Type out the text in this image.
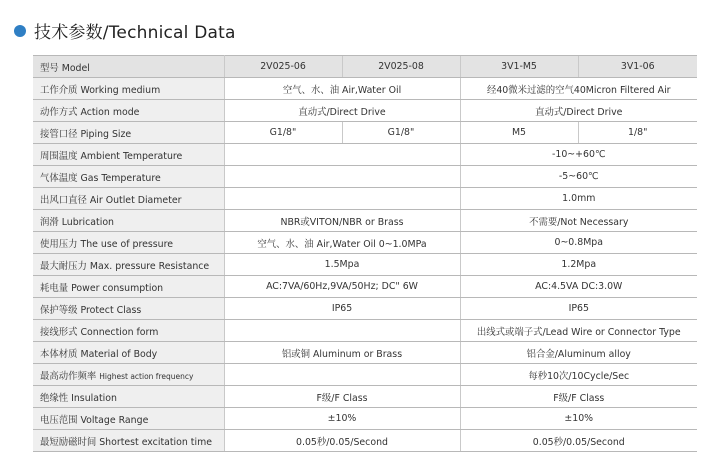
技术参数/Technical Data
型号 Model	2V025-06	2V025-08	3V1-M5	3V1-06
工作介质 Working medium	空气、水、油 Air,Water Oil		经40微米过滤的空气40Micron Filtered Air	
动作方式 Action mode	直动式/Direct Drive		直动式/Direct Drive	
接管口径 Piping Size	G1/8"	G1/8"	M5	1/8"
周围温度 Ambient Temperature			-10~+60℃	
气体温度 Gas Temperature			-5~60℃	
出风口直径 Air Outlet Diameter			1.0mm	
润滑 Lubrication	NBR或VITON/NBR or Brass		不需要/Not Necessary	
使用压力 The use of pressure	空气、水、油 Air,Water Oil 0~1.0MPa		0~0.8Mpa	
最大耐压力 Max. pressure Resistance	1.5Mpa		1.2Mpa	
耗电量 Power consumption	AC:7VA/60Hz,9VA/50Hz; DC" 6W		AC:4.5VA DC:3.0W	
保护等级 Protect Class	IP65		IP65	
接线形式 Connection form			出线式或端子式/Lead Wire or Connector Type	
本体材质 Material of Body	铝或铜 Aluminum or Brass		铝合金/Aluminum alloy	
最高动作频率 Highest action frequency			每秒10次/10Cycle/Sec	
绝缘性 Insulation	F级/F Class		F级/F Class	
电压范围 Voltage Range	±10%		±10%	
最短励磁时间 Shortest excitation time	0.05秒/0.05/Second		0.05秒/0.05/Second	
